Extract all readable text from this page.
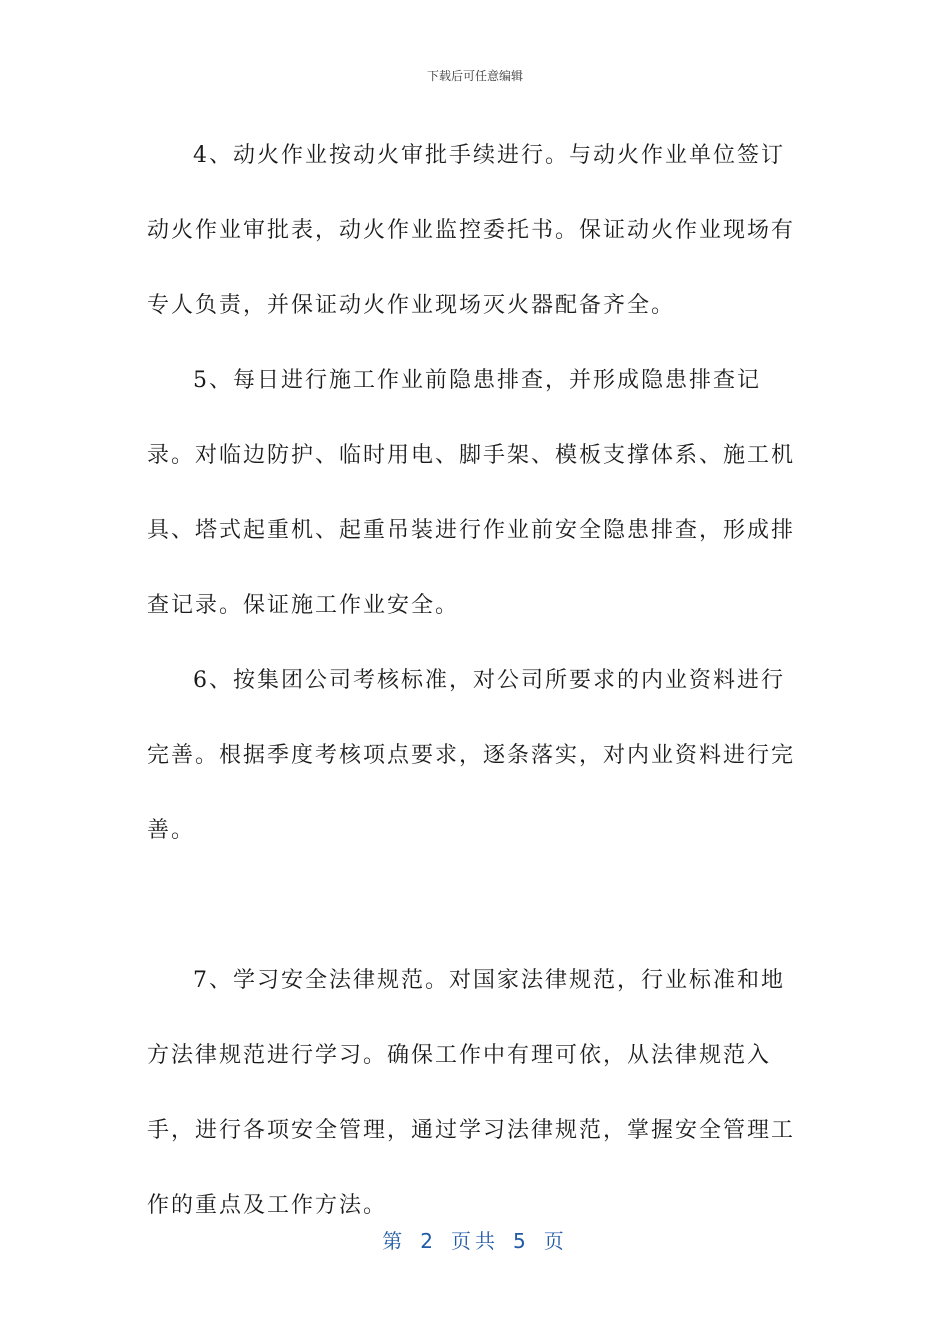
下载后可任意编辑

4、动火作业按动火审批手续进行。与动火作业单位签订动火作业审批表，动火作业监控委托书。保证动火作业现场有专人负责，并保证动火作业现场灭火器配备齐全。

5、每日进行施工作业前隐患排查，并形成隐患排查记录。对临边防护、临时用电、脚手架、模板支撑体系、施工机具、塔式起重机、起重吊装进行作业前安全隐患排查，形成排查记录。保证施工作业安全。

6、按集团公司考核标准，对公司所要求的内业资料进行完善。根据季度考核项点要求，逐条落实，对内业资料进行完善。

7、学习安全法律规范。对国家法律规范，行业标准和地方法律规范进行学习。确保工作中有理可依，从法律规范入手，进行各项安全管理，通过学习法律规范，掌握安全管理工作的重点及工作方法。

第 2 页共 5 页
